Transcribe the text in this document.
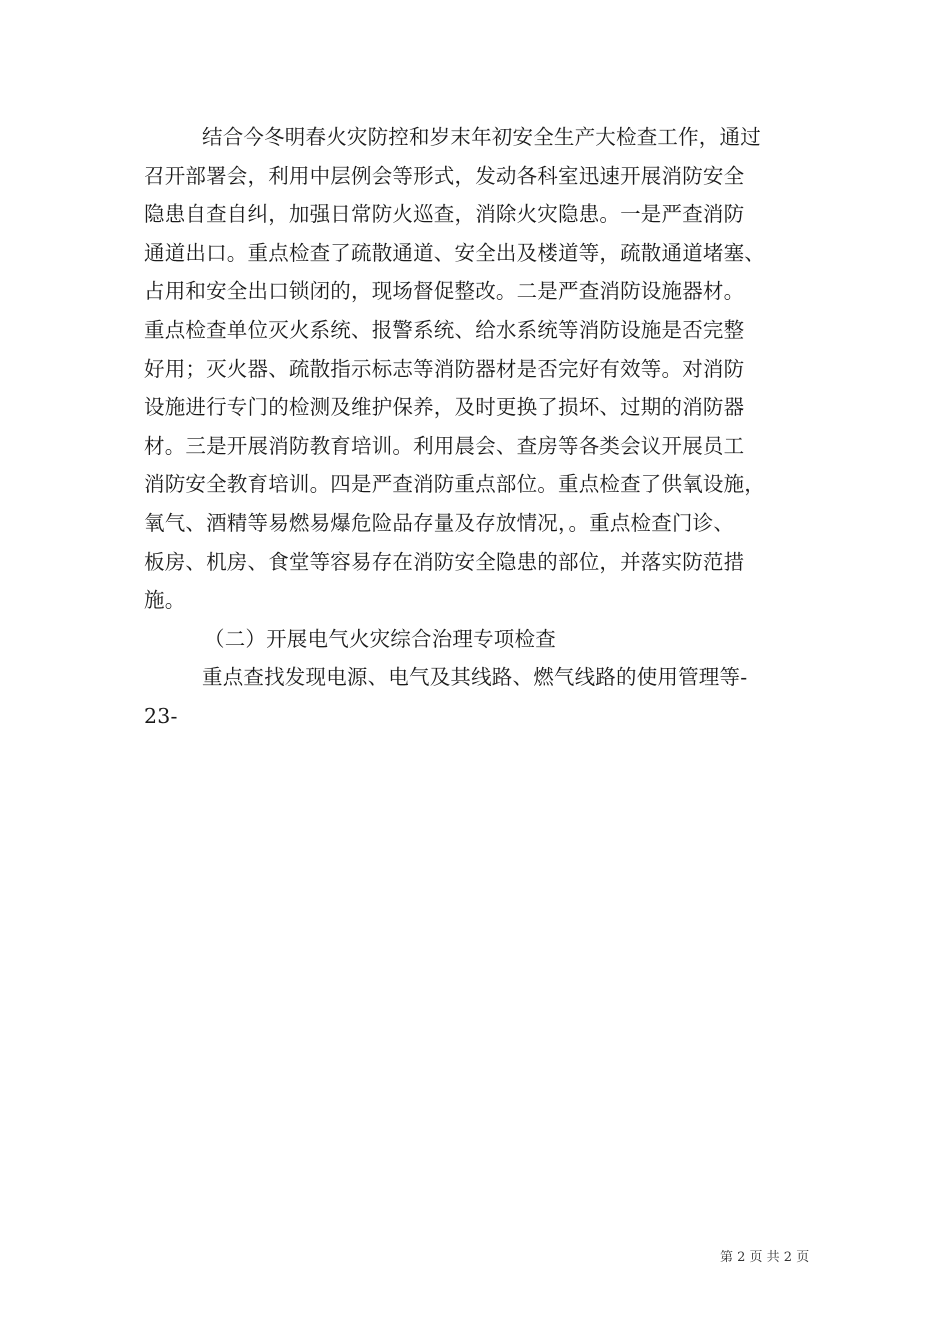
结合今冬明春火灾防控和岁末年初安全生产大检查工作，通过
召开部署会，利用中层例会等形式，发动各科室迅速开展消防安全
隐患自查自纠，加强日常防火巡查，消除火灾隐患。一是严查消防
通道出口。重点检查了疏散通道、安全出及楼道等，疏散通道堵塞、
占用和安全出口锁闭的，现场督促整改。二是严查消防设施器材。
重点检查单位灭火系统、报警系统、给水系统等消防设施是否完整
好用；灭火器、疏散指示标志等消防器材是否完好有效等。对消防
设施进行专门的检测及维护保养，及时更换了损坏、过期的消防器
材。三是开展消防教育培训。利用晨会、查房等各类会议开展员工
消防安全教育培训。四是严查消防重点部位。重点检查了供氧设施，
氧气、酒精等易燃易爆危险品存量及存放情况，。重点检查门诊、
板房、机房、食堂等容易存在消防安全隐患的部位，并落实防范措
施。
（二）开展电气火灾综合治理专项检查
重点查找发现电源、电气及其线路、燃气线路的使用管理等-
23-
第 2 页 共 2 页
